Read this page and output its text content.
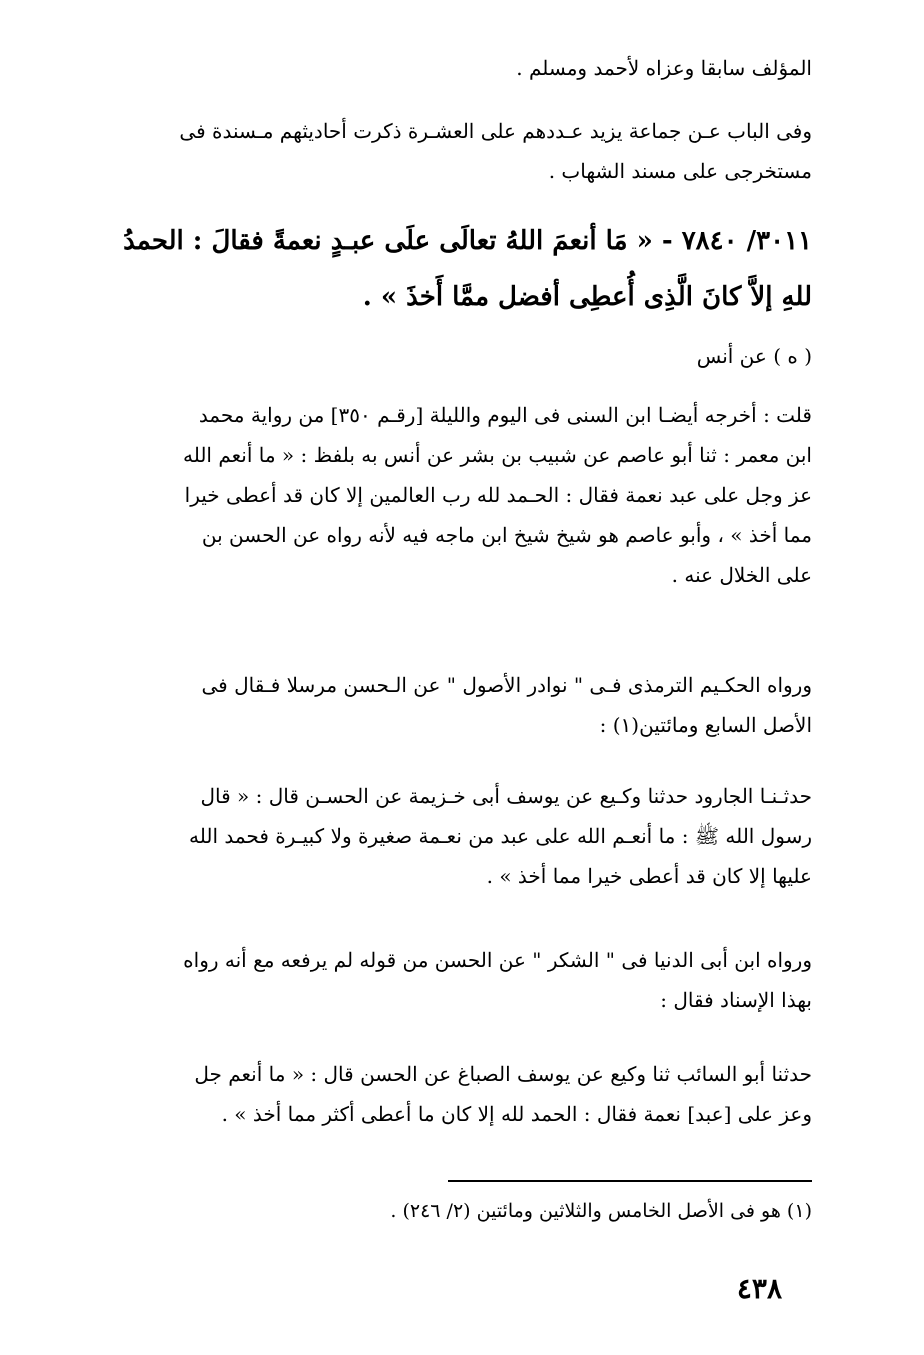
المؤلف سابقا وعزاه لأحمد ومسلم .
وفى الباب عـن جماعة يزيد عـددهم على العشـرة ذكرت أحاديثهم مـسندة فى
مستخرجى على مسند الشهاب .
٣٠١١/ ٧٨٤٠ - « مَا أنعمَ اللهُ تعالَى علَى عبـدٍ نعمةً فقالَ : الحمدُ
للهِ إلاَّ كانَ الَّذِى أُعطِى أفضل ممَّا أَخذَ » .
( ه ) عن أنس
قلت : أخرجه أيضـا ابن السنى فى اليوم والليلة [رقـم ٣٥٠] من رواية محمد
ابن معمر : ثنا أبو عاصم عن شبيب بن بشر عن أنس به بلفظ : « ما أنعم الله
عز وجل على عبد نعمة فقال : الحـمد لله رب العالمين إلا كان قد أعطى خيرا
مما أخذ » ، وأبو عاصم هو شيخ شيخ ابن ماجه فيه لأنه رواه عن الحسن بن
على الخلال عنه .
ورواه الحكـيم الترمذى فـى " نوادر الأصول " عن الـحسن مرسلا فـقال فى
الأصل السابع ومائتين(١) :
حدثـنـا الجارود حدثنا وكـيع عن يوسف أبى خـزيمة عن الحسـن قال : « قال
رسول الله ﷺ : ما أنعـم الله على عبد من نعـمة صغيرة ولا كبيـرة فحمد الله
عليها إلا كان قد أعطى خيرا مما أخذ » .
ورواه ابن أبى الدنيا فى " الشكر " عن الحسن من قوله لم يرفعه مع أنه رواه
بهذا الإسناد فقال :
حدثنا أبو السائب ثنا وكيع عن يوسف الصباغ عن الحسن قال : « ما أنعم جل
وعز على [عبد] نعمة فقال : الحمد لله إلا كان ما أعطى أكثر مما أخذ » .
(١) هو فى الأصل الخامس والثلاثين ومائتين (٢/ ٢٤٦) .
٤٣٨
